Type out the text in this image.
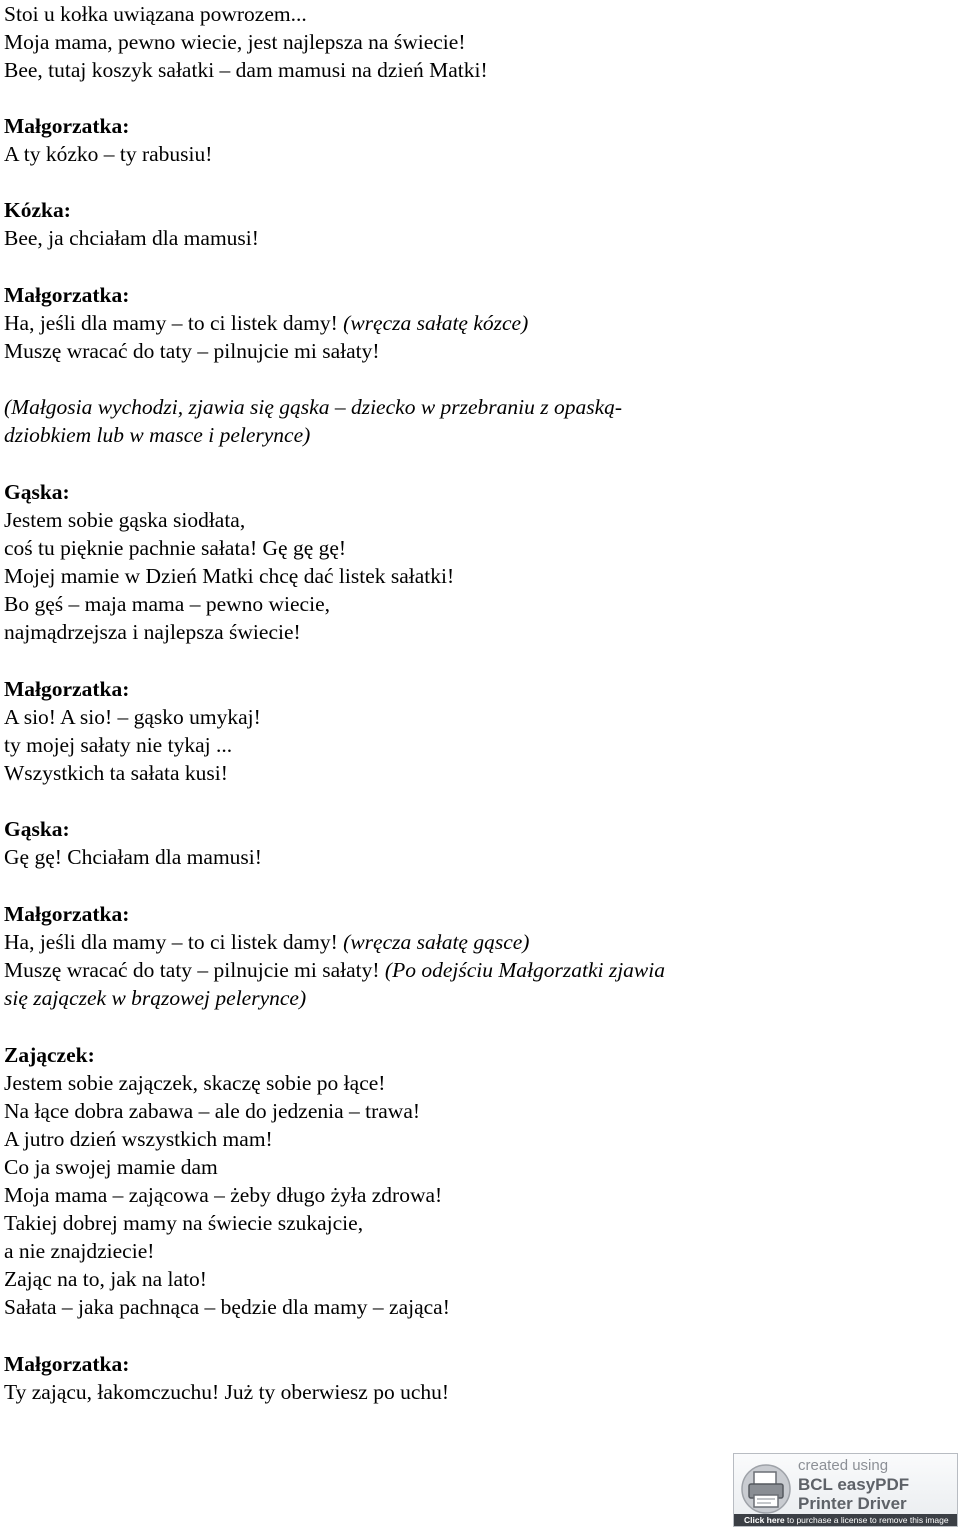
Stoi u kołka uwiązana powrozem...
Moja mama, pewno wiecie, jest najlepsza na świecie!
Bee, tutaj koszyk sałatki – dam mamusi na dzień Matki!
Małgorzatka:
A ty kózko – ty rabusiu!
Kózka:
Bee, ja chciałam dla mamusi!
Małgorzatka:
Ha, jeśli dla mamy – to ci listek damy! (wręcza sałatę kózce)
Muszę wracać do taty – pilnujcie mi sałaty!
(Małgosia wychodzi, zjawia się gąska – dziecko w przebraniu z opaską-
dziobkiem lub w masce i pelerynce)
Gąska:
Jestem sobie gąska siodłata,
coś tu pięknie pachnie sałata! Gę gę gę!
Mojej mamie w Dzień Matki chcę dać listek sałatki!
Bo gęś – maja mama – pewno wiecie,
najmądrzejsza i najlepsza świecie!
Małgorzatka:
A sio! A sio! – gąsko umykaj!
ty mojej sałaty nie tykaj ...
Wszystkich ta sałata kusi!
Gąska:
Gę gę! Chciałam dla mamusi!
Małgorzatka:
Ha, jeśli dla mamy – to ci listek damy! (wręcza sałatę gąsce)
Muszę wracać do taty – pilnujcie mi sałaty! (Po odejściu Małgorzatki zjawia
się zajączek w brązowej pelerynce)
Zajączek:
Jestem sobie zajączek, skaczę sobie po łące!
Na łące dobra zabawa – ale do jedzenia – trawa!
A jutro dzień wszystkich mam!
Co ja swojej mamie dam
Moja mama – zającowa – żeby długo żyła zdrowa!
Takiej dobrej mamy na świecie szukajcie,
a nie znajdziecie!
Zając na to, jak na lato!
Sałata – jaka pachnąca – będzie dla mamy – zająca!
Małgorzatka:
Ty zającu, łakomczuchu! Już ty oberwiesz po uchu!
created using
BCL easyPDF
Printer Driver
Click here to purchase a license to remove this image
